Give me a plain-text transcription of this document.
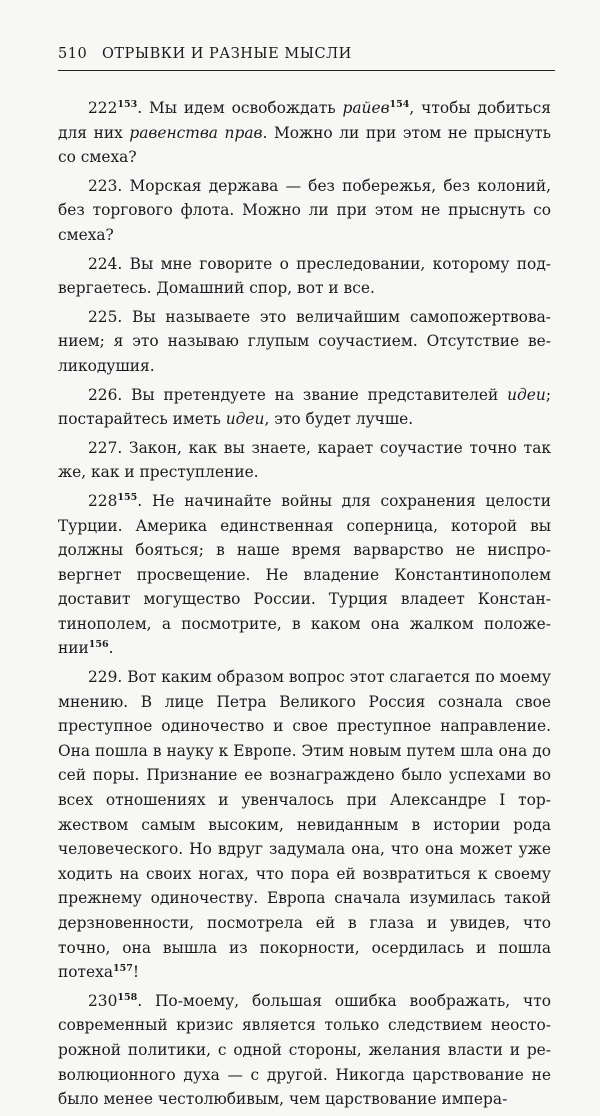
510 ОТРЫВКИ И РАЗНЫЕ МЫСЛИ

$222^{153}$. Мы идем освобождать райев$^{154}$, чтобы добиться для них равенства прав. Можно ли при этом не прыснуть со смеха?

223. Морская держава — без побережья, без колоний, без торгового флота. Можно ли при этом не прыснуть со смеха?

224. Вы мне говорите о преследовании, которому подвергаетесь. Домашний спор, вот и все.

225. Вы называете это величайшим самопожертвованием; я это называю глупым соучастием. Отсутствие великодушия.

226. Вы претендуете на звание представителей идеи; постарайтесь иметь идеи, это будет лучше.

227. Закон, как вы знаете, карает соучастие точно так же, как и преступление.

$228^{155}$. Не начинайте войны для сохранения целости Турции. Америка единственная соперница, которой вы должны бояться; в наше время варварство не ниспровергнет просвещение. Не владение Константинополем доставит могущество России. Турция владеет Константинополем, а посмотрите, в каком она жалком положении$^{156}$.

229. Вот каким образом вопрос этот слагается по моему мнению. В лице Петра Великого Россия сознала свое преступное одиночество и свое преступное направление. Она пошла в науку к Европе. Этим новым путем шла она до сей поры. Признание ее вознаграждено было успехами во всех отношениях и увенчалось при Александре I торжеством самым высоким, невиданным в истории рода человеческого. Но вдруг задумала она, что она может уже ходить на своих ногах, что пора ей возвратиться к своему прежнему одиночеству. Европа сначала изумилась такой дерзновенности, посмотрела ей в глаза и увидев, что точно, она вышла из покорности, осердилась и пошла потеха$^{157}$!

$230^{158}$. По-моему, большая ошибка воображать, что современный кризис является только следствием неосторожной политики, с одной стороны, желания власти и революционного духа — с другой. Никогда царствование не было менее честолюбивым, чем царствование импера-
